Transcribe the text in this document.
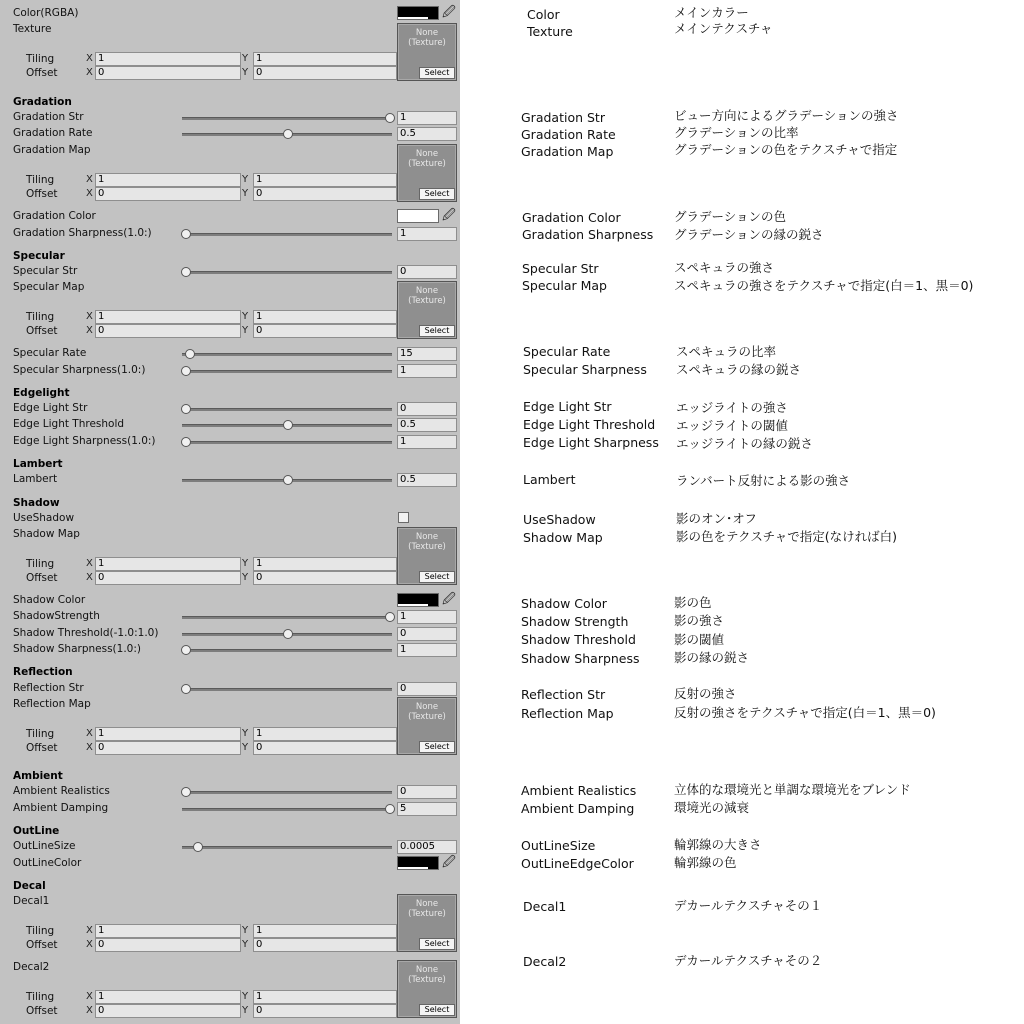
Color(RGBA)	🖉
Texture	None
(Texture)
Select
Tiling	X 1	Y 1
Offset	X 0	Y 0
Gradation
Gradation Str	1
Gradation Rate	0.5
Gradation Map	None
(Texture)
Select
Tiling	X 1	Y 1
Offset	X 0	Y 0
Gradation Color	🖉
Gradation Sharpness(1.0:)	1
Specular
Specular Str	0
Specular Map	None
(Texture)
Select
Tiling	X 1	Y 1
Offset	X 0	Y 0
Specular Rate	15
Specular Sharpness(1.0:)	1
Edgelight
Edge Light Str	0
Edge Light Threshold	0.5
Edge Light Sharpness(1.0:)	1
Lambert
Lambert	0.5
Shadow
UseShadow
Shadow Map	None
(Texture)
Select
Tiling	X 1	Y 1
Offset	X 0	Y 0
Shadow Color	🖉
ShadowStrength	1
Shadow Threshold(-1.0:1.0)	0
Shadow Sharpness(1.0:)	1
Reflection
Reflection Str	0
Reflection Map	None
(Texture)
Select
Tiling	X 1	Y 1
Offset	X 0	Y 0
Ambient
Ambient Realistics	0
Ambient Damping	5
OutLine
OutLineSize	0.0005
OutLineColor	🖉
Decal
Decal1	None
(Texture)
Select
Tiling	X 1	Y 1
Offset	X 0	Y 0
Decal2	None
(Texture)
Select
Tiling	X 1	Y 1
Offset	X 0	Y 0
Color	メインカラー
Texture	メインテクスチャ
Gradation Str	ビュー方向によるグラデーションの強さ
Gradation Rate	グラデーションの比率
Gradation Map	グラデーションの色をテクスチャで指定
Gradation Color	グラデーションの色
Gradation Sharpness グラデーションの縁の鋭さ
Specular Str	スペキュラの強さ
Specular Map	スペキュラの強さをテクスチャで指定(白＝1、黒＝0)
Specular Rate	スペキュラの比率
Specular Sharpness スペキュラの縁の鋭さ
Edge Light Str	エッジライトの強さ
Edge Light Threshold エッジライトの閾値
Edge Light Sharpness エッジライトの縁の鋭さ
Lambert	ランバート反射による影の強さ
UseShadow	影のオン･オフ
Shadow Map	影の色をテクスチャで指定(なければ白)
Shadow Color	影の色
Shadow Strength	影の強さ
Shadow Threshold	影の閾値
Shadow Sharpness	影の縁の鋭さ
Reflection Str	反射の強さ
Reflection Map	反射の強さをテクスチャで指定(白＝1、黒＝0)
Ambient Realistics	立体的な環境光と単調な環境光をブレンド
Ambient Damping	環境光の減衰
OutLineSize	輪郭線の大きさ
OutLineEdgeColor	輪郭線の色
Decal1	デカールテクスチャその１
Decal2	デカールテクスチャその２
